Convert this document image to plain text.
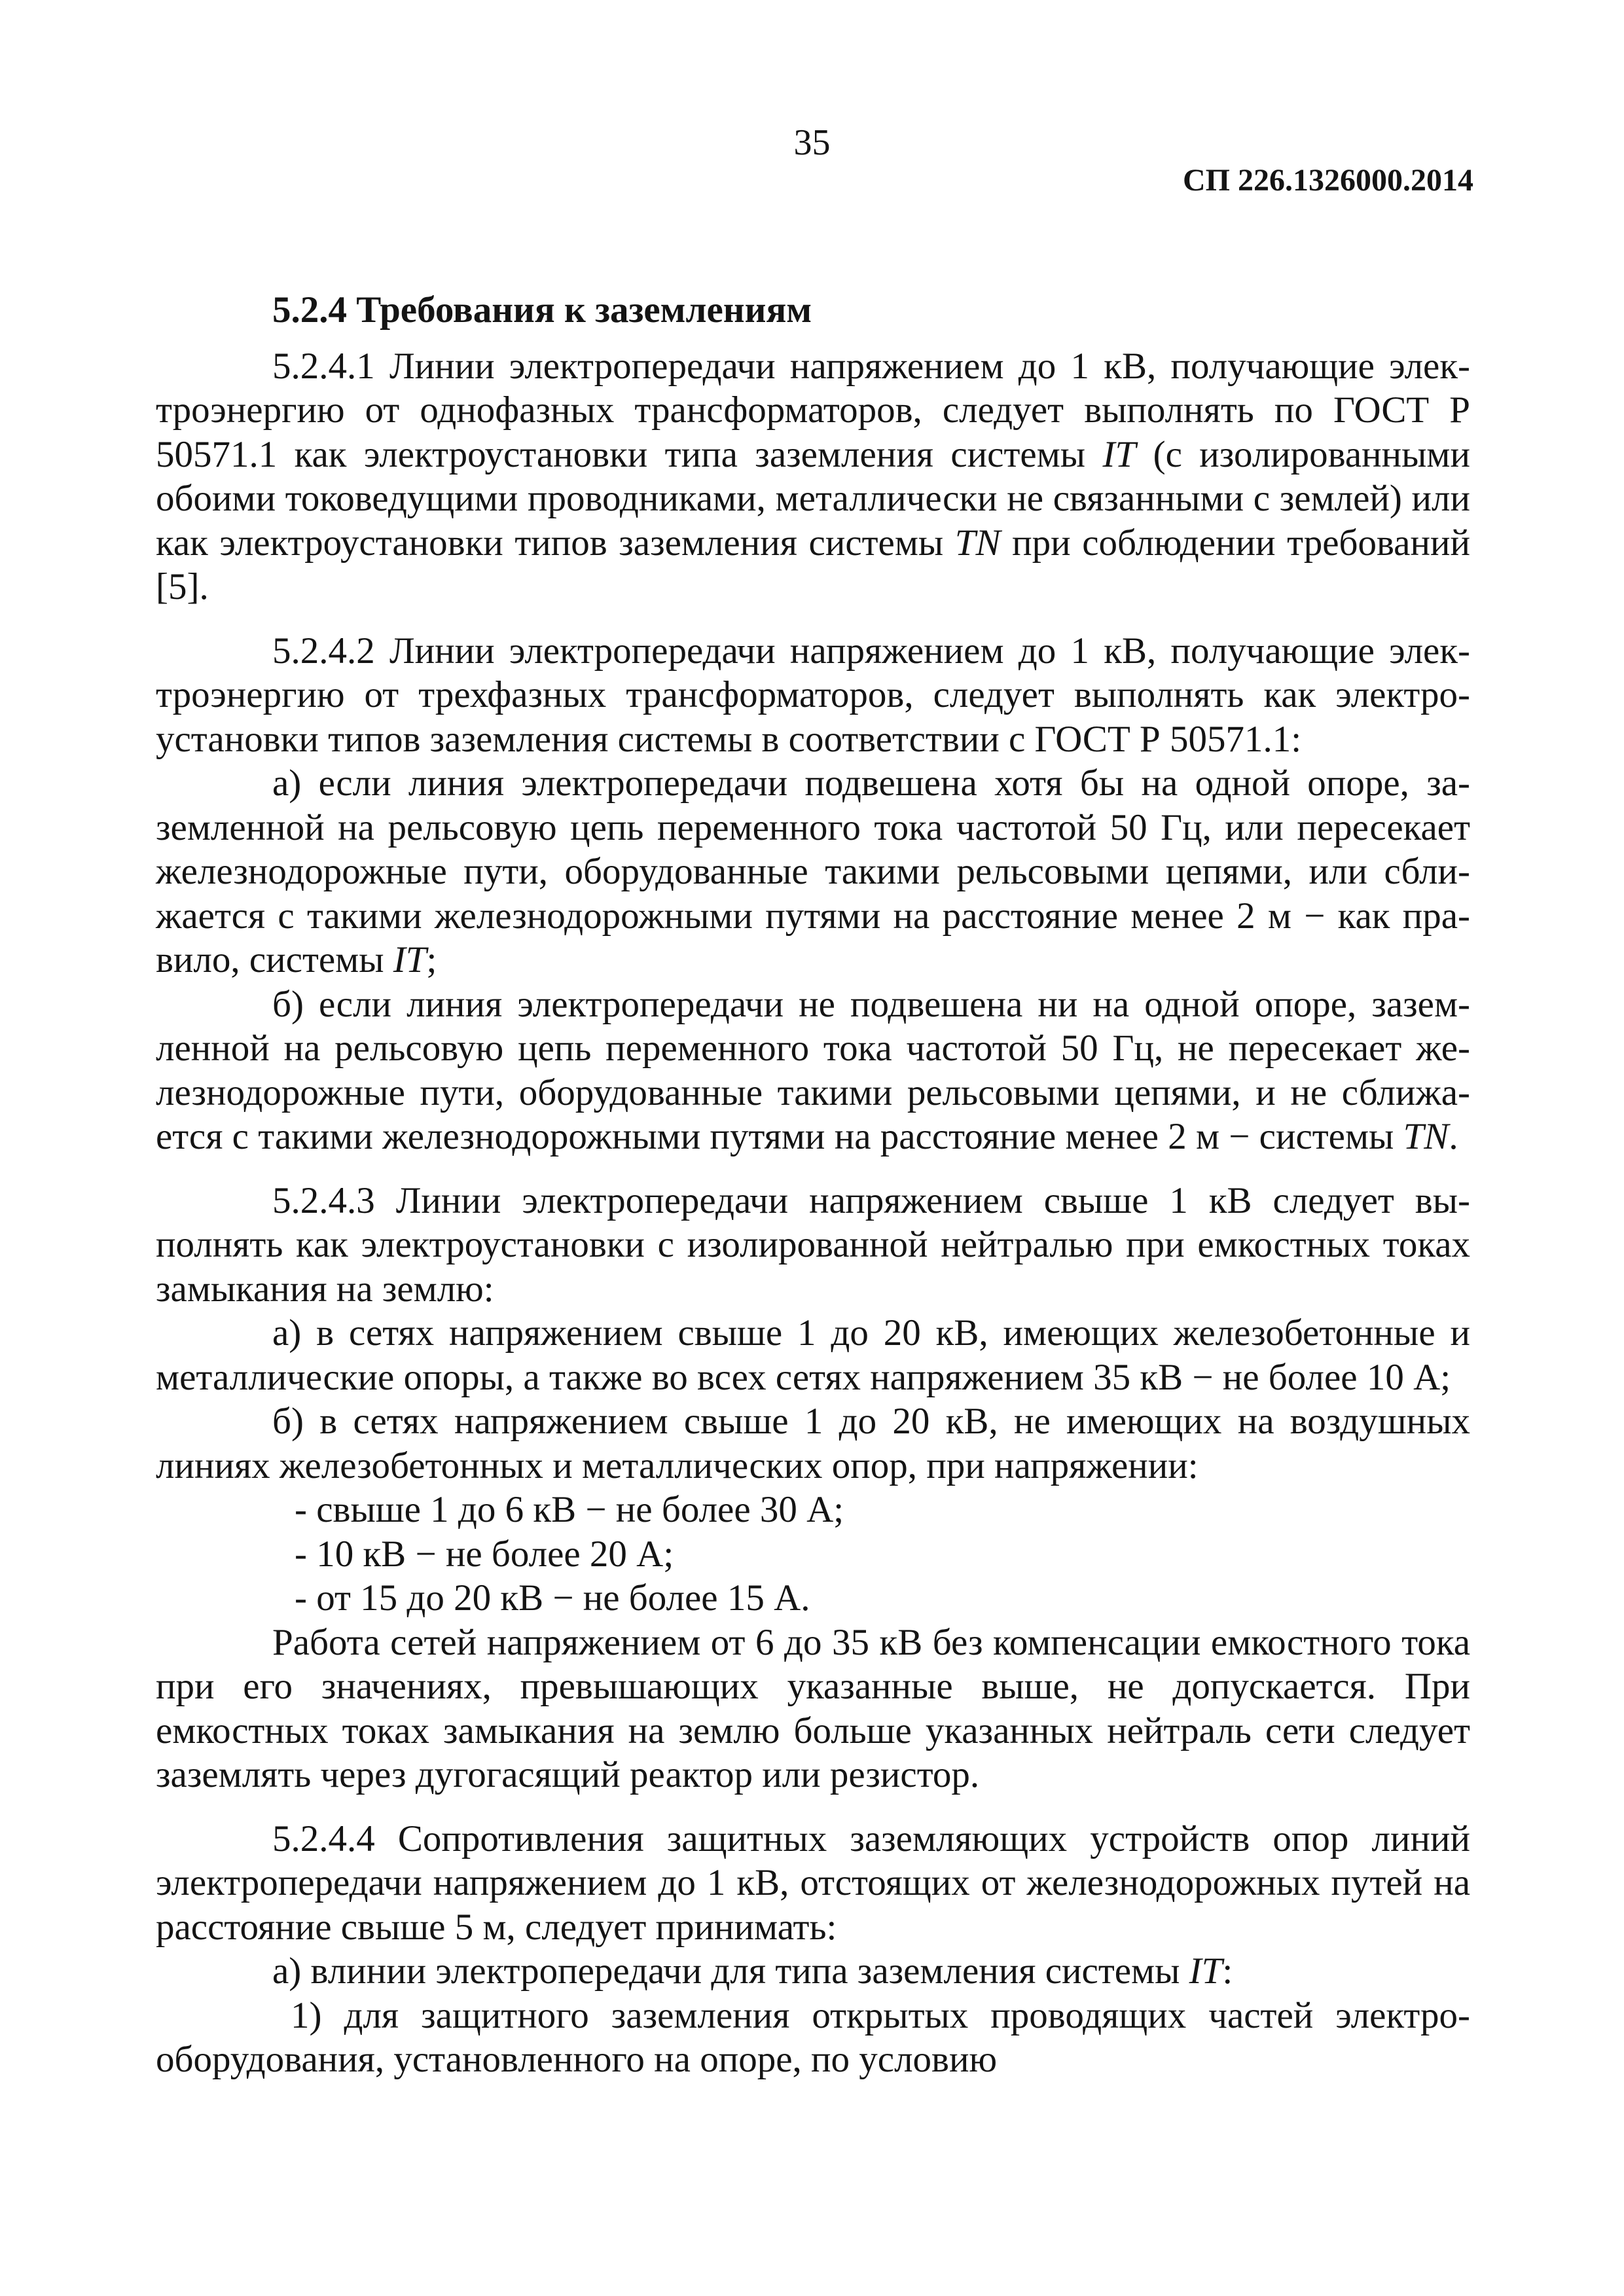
35
СП 226.1326000.2014
5.2.4 Требования к заземлениям

5.2.4.1 Линии электропередачи напряжением до 1 кВ, получающие электроэнергию от однофазных трансформаторов, следует выполнять по ГОСТ Р 50571.1 как электроустановки типа заземления системы IT (с изолированными обоими токоведущими проводниками, металлически не связанными с землей) или как электроустановки типов заземления системы TN при соблюдении требований [5].

5.2.4.2 Линии электропередачи напряжением до 1 кВ, получающие электроэнергию от трехфазных трансформаторов, следует выполнять как электроустановки типов заземления системы в соответствии с ГОСТ Р 50571.1:

а) если линия электропередачи подвешена хотя бы на одной опоре, заземленной на рельсовую цепь переменного тока частотой 50 Гц, или пересекает железнодорожные пути, оборудованные такими рельсовыми цепями, или сближается с такими железнодорожными путями на расстояние менее 2 м − как правило, системы IT;

б) если линия электропередачи не подвешена ни на одной опоре, заземленной на рельсовую цепь переменного тока частотой 50 Гц, не пересекает железнодорожные пути, оборудованные такими рельсовыми цепями, и не сближается с такими железнодорожными путями на расстояние менее 2 м − системы TN.

5.2.4.3 Линии электропередачи напряжением свыше 1 кВ следует выполнять как электроустановки с изолированной нейтралью при емкостных токах замыкания на землю:

а) в сетях напряжением свыше 1 до 20 кВ, имеющих железобетонные и металлические опоры, а также во всех сетях напряжением 35 кВ − не более 10 А;

б) в сетях напряжением свыше 1 до 20 кВ, не имеющих на воздушных линиях железобетонных и металлических опор, при напряжении:

- свыше 1 до 6 кВ − не более 30 А;

- 10 кВ − не более 20 А;

- от 15 до 20 кВ − не более 15 А.

Работа сетей напряжением от 6 до 35 кВ без компенсации емкостного тока при его значениях, превышающих указанные выше, не допускается. При емкостных токах замыкания на землю больше указанных нейтраль сети следует заземлять через дугогасящий реактор или резистор.

5.2.4.4 Сопротивления защитных заземляющих устройств опор линий электропередачи напряжением до 1 кВ, отстоящих от железнодорожных путей на расстояние свыше 5 м, следует принимать:

а) влинии электропередачи для типа заземления системы IT:

1) для защитного заземления открытых проводящих частей электрооборудования, установленного на опоре, по условию
